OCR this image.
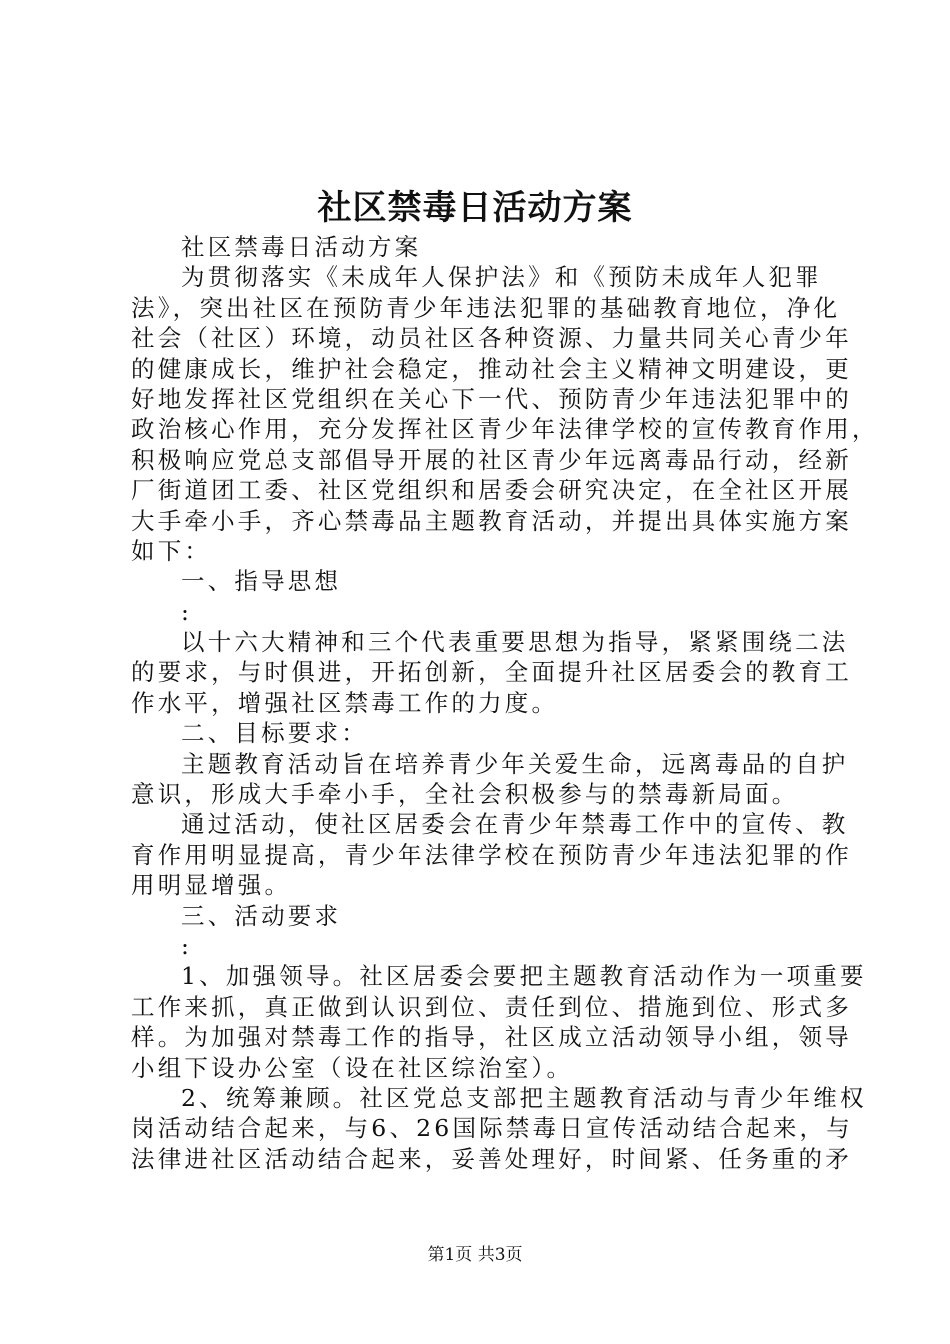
社区禁毒日活动方案
社区禁毒日活动方案
为贯彻落实《未成年人保护法》和《预防未成年人犯罪
法》，突出社区在预防青少年违法犯罪的基础教育地位，净化
社会（社区）环境，动员社区各种资源、力量共同关心青少年
的健康成长，维护社会稳定，推动社会主义精神文明建设，更
好地发挥社区党组织在关心下一代、预防青少年违法犯罪中的
政治核心作用，充分发挥社区青少年法律学校的宣传教育作用，
积极响应党总支部倡导开展的社区青少年远离毒品行动，经新
厂街道团工委、社区党组织和居委会研究决定，在全社区开展
大手牵小手，齐心禁毒品主题教育活动，并提出具体实施方案
如下：
一、指导思想
:
以十六大精神和三个代表重要思想为指导，紧紧围绕二法
的要求，与时俱进，开拓创新，全面提升社区居委会的教育工
作水平，增强社区禁毒工作的力度。
二、目标要求：
主题教育活动旨在培养青少年关爱生命，远离毒品的自护
意识，形成大手牵小手，全社会积极参与的禁毒新局面。
通过活动，使社区居委会在青少年禁毒工作中的宣传、教
育作用明显提高，青少年法律学校在预防青少年违法犯罪的作
用明显增强。
三、活动要求
:
1、加强领导。社区居委会要把主题教育活动作为一项重要
工作来抓，真正做到认识到位、责任到位、措施到位、形式多
样。为加强对禁毒工作的指导，社区成立活动领导小组，领导
小组下设办公室（设在社区综治室）。
2、统筹兼顾。社区党总支部把主题教育活动与青少年维权
岗活动结合起来，与6、26国际禁毒日宣传活动结合起来，与
法律进社区活动结合起来，妥善处理好，时间紧、任务重的矛
第1页 共3页
